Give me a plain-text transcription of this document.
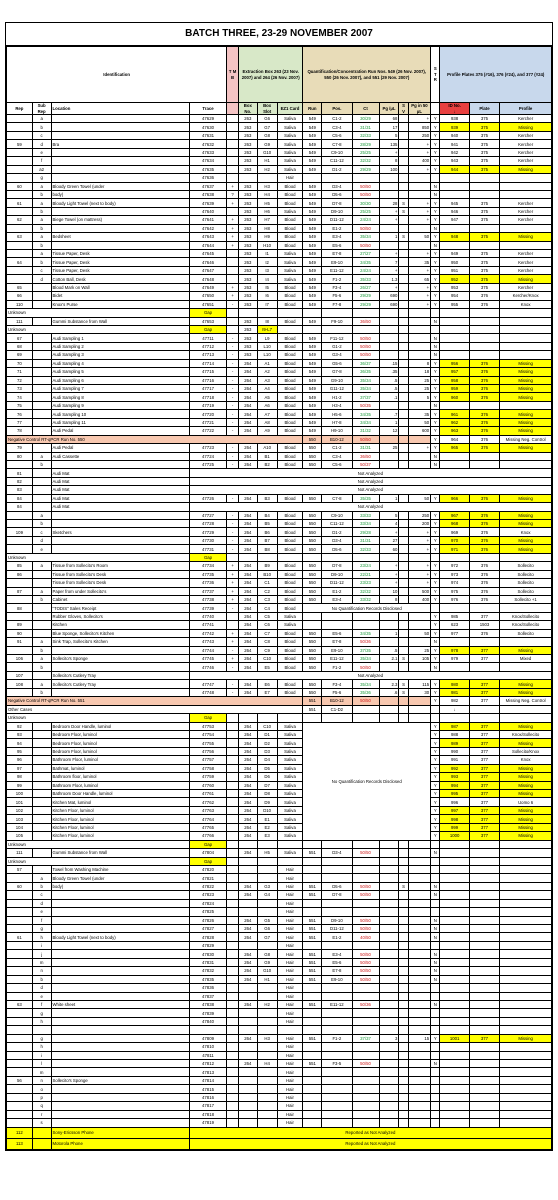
BATCH THREE, 23-29 NOVEMBER 2007
Identification				T M B	Extraction Box 263 (23 Nov. 2007) and 264 (26 Nov. 2007)			Quantification/Concentration Run Nos. 549 (26 Nov. 2007), 550 (26 Nov. 2007), and 551 (29 Nov. 2007)						S T R	Profile Plates 375 (#16), 376 (#24), and 377 (#24)		
Rep	Sub Rep	Location	Trace		Box No.	Box Slot	EZ1 Card	Run	Pos.	Ct	Pg /µL	S V	Pg in 50 µL		ID No.
↓	Plate	Profile
	a		47629		263	G6	Saliva	549	C1-2	30/29	68		+	Y	938	375	Kercher
	b		47630		263	G7	Saliva	549	C3-4	31/31	17		850	Y	939	375	Missing
	c		47631		263	G8	Saliva	549	C5-6	32/33	5		250	Y	940	375	Kercher
59	d	Bra	47632		263	G9	Saliva	549	C7-8	28/29	135		+	Y	941	375	Kercher
	e		47633		263	G10	Saliva	549	C9-10	25/25	+		+	Y	942	375	Kercher
	f		47634		263	H1	Saliva	549	C11-12	32/32	8		400	Y	943	375	Kercher
	a2		47635		263	H2	Saliva	549	D1-2	29/29	100		+	Y	944	375	Missing
	g		47636				Hair										
60	a	Bloody Green Towel (under	47637	+	263	H3	Blood	549	D3-4	50/50				N			
	b	body)	47638	?	263	H4	Blood	549	D5-6	50/50				N			
61	a	Bloody Light Towel (next to body)	47639	+	263	H5	Blood	549	D7-8	30/30	28	S	+	Y	945	375	Kercher
	b		47640		263	H6	Saliva	549	D9-10	25/25	+	S	+	Y	946	375	Kercher
62	a	Biege Towel (on mattress)	47641	+	263	H7	Blood	549	D11-12	24/24	+		+	Y	947	375	Kercher
	b		47642	+	263	H8	Blood	549	E1-2	50/50				N			
63	a	Bedsheet	47643	+	263	H9	Blood	549	E3-4	35/34	1	S	50	Y	948	375	Missing
	b		47644	+	263	H10	Blood	549	E5-6	50/50				N			
	a	Tissue Paper, Desk	47645		263	I1	Saliva	549	E7-8	27/27	+		+	Y	949	375	Kercher
64	b	Tissue Paper, Desk	47646		263	I2	Saliva	549	E9-10	34/35	7		35	Y	950	375	Kercher
	c	Tissue Paper, Desk	47647		263	I3	Saliva	549	E11-12	24/24	+		+	Y	951	375	Kercher
	d	Cotton Ball, Desk	47648		263	I4	Saliva	549	F1-2	35/33	1.3		65	Y	952	375	Missing
65		Blood Mark on Wall	47649	+	263	I5	Blood	549	F3-4	26/27	+		+	Y	953	375	Kercher
66		Bidet	47650	+	263	I6	Blood	549	F5-6	29/29	690		+	Y	954	376	Kercher/Knox
110		Knox's Purse	47651	-	263	I7	Blood	549	F7-8	29/29	690		+	Y	955	376	Knox
Unknown			Gap														
111		Gummi Substance from Wall	47653		263	I8	Blood	549	F9-10	36/50				N			
Unknown			Gap		263	I9-L7											
67		Audi Sampling 1	47711	-	263	L9	Blood	549	F11-12	50/50				N			
68		Audi Sampling 2	47712	-	263	L10	Blood	549	G1-2	50/50				N			
69		Audi Sampling 3	47713	-	263	L10	Blood	549	G3-4	50/50				N			
70		Audi Sampling 4	47714	-	264	A1	Blood	549	G5-6	36/37	.15		8	Y	956	376	Missing
71		Audi Sampling 5	47715	-	264	A2	Blood	549	G7-8	36/35	.35		18	Y	957	376	Missing
72		Audi Sampling 6	47716	-	264	A3	Blood	549	G9-10	35/34	.5		25	Y	958	376	Missing
73		Audi Sampling 7	47717	-	264	A4	Blood	549	G11-12	35/34	.5		25	Y	959	376	Missing
74		Audi Sampling 8	47718	-	264	A5	Blood	549	H1-2	37/37	.1		5	Y	960	376	Missing
75		Audi Sampling 9	47719	-	264	A6	Blood	549	H3-4	50/35				N			
76		Audi Sampling 10	47720	-	264	A7	Blood	549	H5-6	34/35	.7		35	Y	961	376	Missing
77		Audi Sampling 11	47721	-	264	A8	Blood	549	H7-8	34/34	1		50	Y	962	376	Missing
78		Audi Pedal	47722	-	264	A9	Blood	549	H9-10	31/32	12		600	Y	963	376	Missing
Negative Control RT-qPCR Run No. 550								550	B10-12	50/50				Y	964	376	Missing Neg. Control
79		Audi Pedal	47723	-	264	A10	Blood	550	C1-2	31/31	25		+	Y	965	376	Missing
80	a	Audi Cassette	47724	-	264	B1	Blood	550	C3-4	36/50				N			
	b		47725	-	264	B2	Blood	550	C5-6	50/37				N			
81		Audi Mat	Not Analyzed														
82		Audi Mat	Not Analyzed														
83		Audi Mat	Not Analyzed														
84		Audi Mat	47726	-	264	B3	Blood	550	C7-8	35/35	1		50	Y	966	376	Missing
84		Audi Mat	Not Analyzed														
	a		47727	-	264	B4	Blood	550	C9-10	33/33	5		250	Y	967	376	Missing
	b		47728	-	264	B5	Blood	550	C11-12	33/34	4		200	Y	968	376	Missing
109	c	Sketchers	47729	-	264	B6	Blood	550	D1-2	29/28	+		+	Y	969	376	Knox
	d		47730	-	264	B7	Blood	550	D3-4	31/31	27		+	Y	970	376	Missing
	e		47731	-	264	B8	Blood	550	D5-6	32/33	60		+	Y	971	376	Missing
Unknown			Gap														
85	a	Tissue from Sollecito's Room	47734	+	264	B9	Blood	550	D7-8	23/24	+		+	Y	972	376	Sollecito
86		Tissue from Sollecito's Desk	47735	+	264	B10	Blood	550	D9-10	22/21	+		+	Y	973	376	Sollecito
		Tissue from Sollecito's Desk	47736	+	264	C1	Blood	550	D11-12	23/23	+		+	Y	974	376	Sollecito
87	a	Paper from under Sollecito's	47737	+	264	C2	Blood	550	E1-2	32/32	10		500	Y	975	376	Sollecito
	b	Cabinet	47738	+	264	C3	Blood	550	E3-4	33/32	8		400	Y	976	376	Sollecito +1
88		"TODIS" Sales Receipt	47739	-	264	C4	Blood	No Quantification Records Disclosed									
		Rubber Gloves, Sollecito's	47740		264	C5	Saliva							Y	985	377	Knox/Sollecito
89		Kitchen	47741		264	C6	Saliva							Y	623	1503	Knox/Sollecito
90		Blue Sponge, Sollecito's Kitchen	47742	+	264	C7	Blood	550	E5-6	34/35	1		50	Y	977	376	Sollecito
91	a	Sink Trap, Sollecito's Kitchen	47743	+	264	C8	Blood	550	E7-8	50/36				N			
	b		47744	-	264	C9	Blood	550	E9-10	37/35	.5		25	Y	978	377	Missing
106	a	Sollecito's Sponge	47745	+	264	C10	Blood	550	E11-12	35/34	2.1	S	105	Y	979	377	Mixed
	b		47746	-	264	E5	Blood	550	F1-2	50/50				N			
107		Sollecito's Cutlery Tray	Not Analyzed														
108	a	Sollecito's Cutlery Tray	47747	-	264	E6	Blood	550	F3-4	35/34	2.3	S	115	Y	980	377	Missing
	b		47748	-	264	E7	Blood	550	F5-6	35/36	.6	S	30	Y	981	377	Missing
Negative Control RT-qPCR Run No. 551								551	B10-12	50/50				Y	982	377	Missing Neg. Control
Other Cases								551	C1-D2						↓		
Unknown			Gap														
92		Bedroom Door Handle, luminol	47753		264	C10	Saliva	No Quantification Records Disclosed						Y	987	377	Missing
93		Bedroom Floor, luminol	47754		264	D1	Saliva							Y	988	377	Knox/Sollecito
94		Bedroom Floor, luminol	47755		264	D2	Saliva							Y	989	377	Missing
95		Bedroom Floor, luminol	47756		264	D3	Saliva							Y	990	377	Sollecito/Knox
96		Bathroom Floor, luminol	47757		264	D4	Saliva							Y	991	377	Knox
97		Bathmat, luminol	47758		264	D5	Saliva							Y	992	377	Missing
98		Bathroom floor, luminol	47759		264	D6	Saliva							Y	993	377	Missing
99		Bathroom Floor, luminol	47760		264	D7	Saliva							Y	994	377	Missing
100		Bathroom Door Handle, luminol	47761		264	D8	Saliva							Y	995	377	Missing
101		Kitchen Mat, luminol	47762		264	D9	Saliva							Y	996	377	Uomo 6
102		Kitchen Floor, luminol	47763		264	D10	Saliva							Y	997	377	Missing
103		Kitchen Floor, luminol	47764		264	E1	Saliva							Y	998	377	Missing
104		Kitchen Floor, luminol	47765		264	E2	Saliva							Y	999	377	Missing
105		Kitchen Floor, luminol	47766		264	E3	Saliva							Y	1000	377	Missing
Unknown			Gap														
111		Gummi Substance from Wall	47804		264	H5	Saliva	551	D3-4	50/50				N			
Unknown			Gap														
57		Towel from Washing Machine	47820				Hair										
	a	Bloody Green Towel (under	47821				Hair										
60	b	body)	47822		264	G3	Hair	551	D5-6	50/50		S		N			
	c		47823		264	G4	Hair	551	D7-8	50/50				N			
	d		47824				Hair										
	e		47825				Hair										
	f		47826		264	G5	Hair	551	D9-10	50/50				N			
	g		47827		264	G6	Hair	551	D11-12	50/50				N			
61	h	Bloody Light Towel (next to body)	47828		264	G7	Hair	551	E1-2	40/50				N			
	i		47829				Hair										
	j		47830		264	G8	Hair	551	E3-4	50/50				N			
	m		47831		264	G9	Hair	551	E5-6	50/50				N			
	n		47832		264	G10	Hair	551	E7-8	50/50				N			
	b		47835		264	H1	Hair	551	E9-10	50/50				N			
	d		47836				Hair										
	e		47837				Hair										
63	f	White sheet	47838		264	H2	Hair	551	E11-12	50/36				N			
	g		47839				Hair										
	h		47840				Hair										

	g		47809		264	H3	Hair	551	F1-2	37/37	3		15	Y	1001	377	Missing
	h		47810				Hair										
	i		47811				Hair										
	l		47812		264	H4	Hair	551	F3-5	50/50				N			
	m		47813				Hair										
56	n	Sollecito's Sponge	47814				Hair										
	o		47815				Hair										
	p		47816				Hair										
	q		47817				Hair										
	r		47818				Hair										
	s		47819				Hair										
112		Sony-Ericsson Phone	Reported as Not Analyzed														
113		Motorola Phone	Reported as Not Analyzed														
